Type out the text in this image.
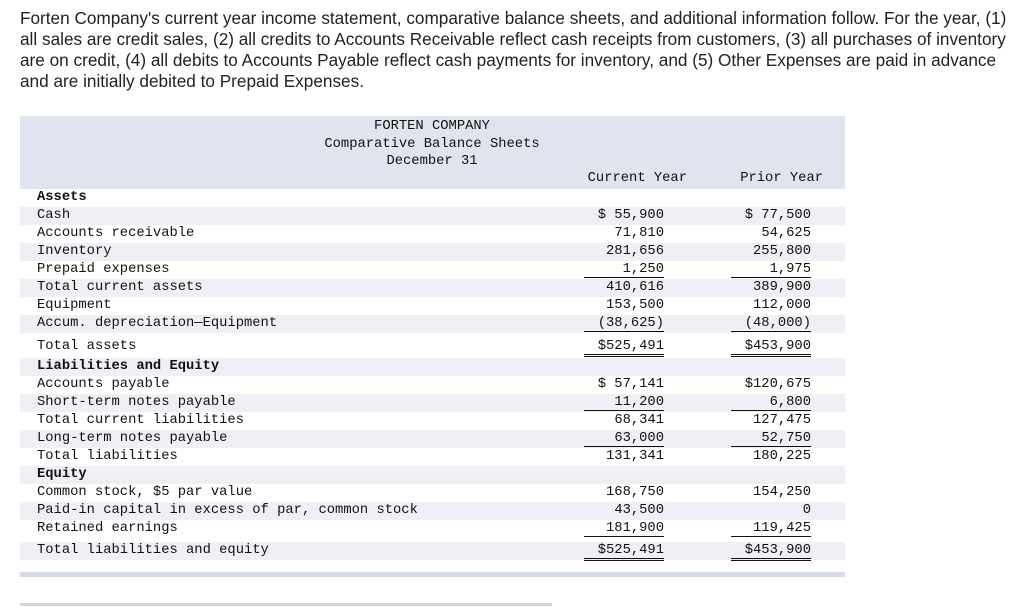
Forten Company's current year income statement, comparative balance sheets, and additional information follow. For the year, (1) all sales are credit sales, (2) all credits to Accounts Receivable reflect cash receipts from customers, (3) all purchases of inventory are on credit, (4) all debits to Accounts Payable reflect cash payments for inventory, and (5) Other Expenses are paid in advance and are initially debited to Prepaid Expenses.
FORTEN COMPANY
Comparative Balance Sheets
December 31
Current Year	Prior Year
Assets
Cash	$ 55,900	$ 77,500
Accounts receivable	71,810	54,625
Inventory	281,656	255,800
Prepaid expenses	1,250	1,975
Total current assets	410,616	389,900
Equipment	153,500	112,000
Accum. depreciation—Equipment	(38,625)	(48,000)
Total assets	$525,491	$453,900
Liabilities and Equity
Accounts payable	$ 57,141	$120,675
Short-term notes payable	11,200	6,800
Total current liabilities	68,341	127,475
Long-term notes payable	63,000	52,750
Total liabilities	131,341	180,225
Equity
Common stock, $5 par value	168,750	154,250
Paid-in capital in excess of par, common stock	43,500	0
Retained earnings	181,900	119,425
Total liabilities and equity	$525,491	$453,900
